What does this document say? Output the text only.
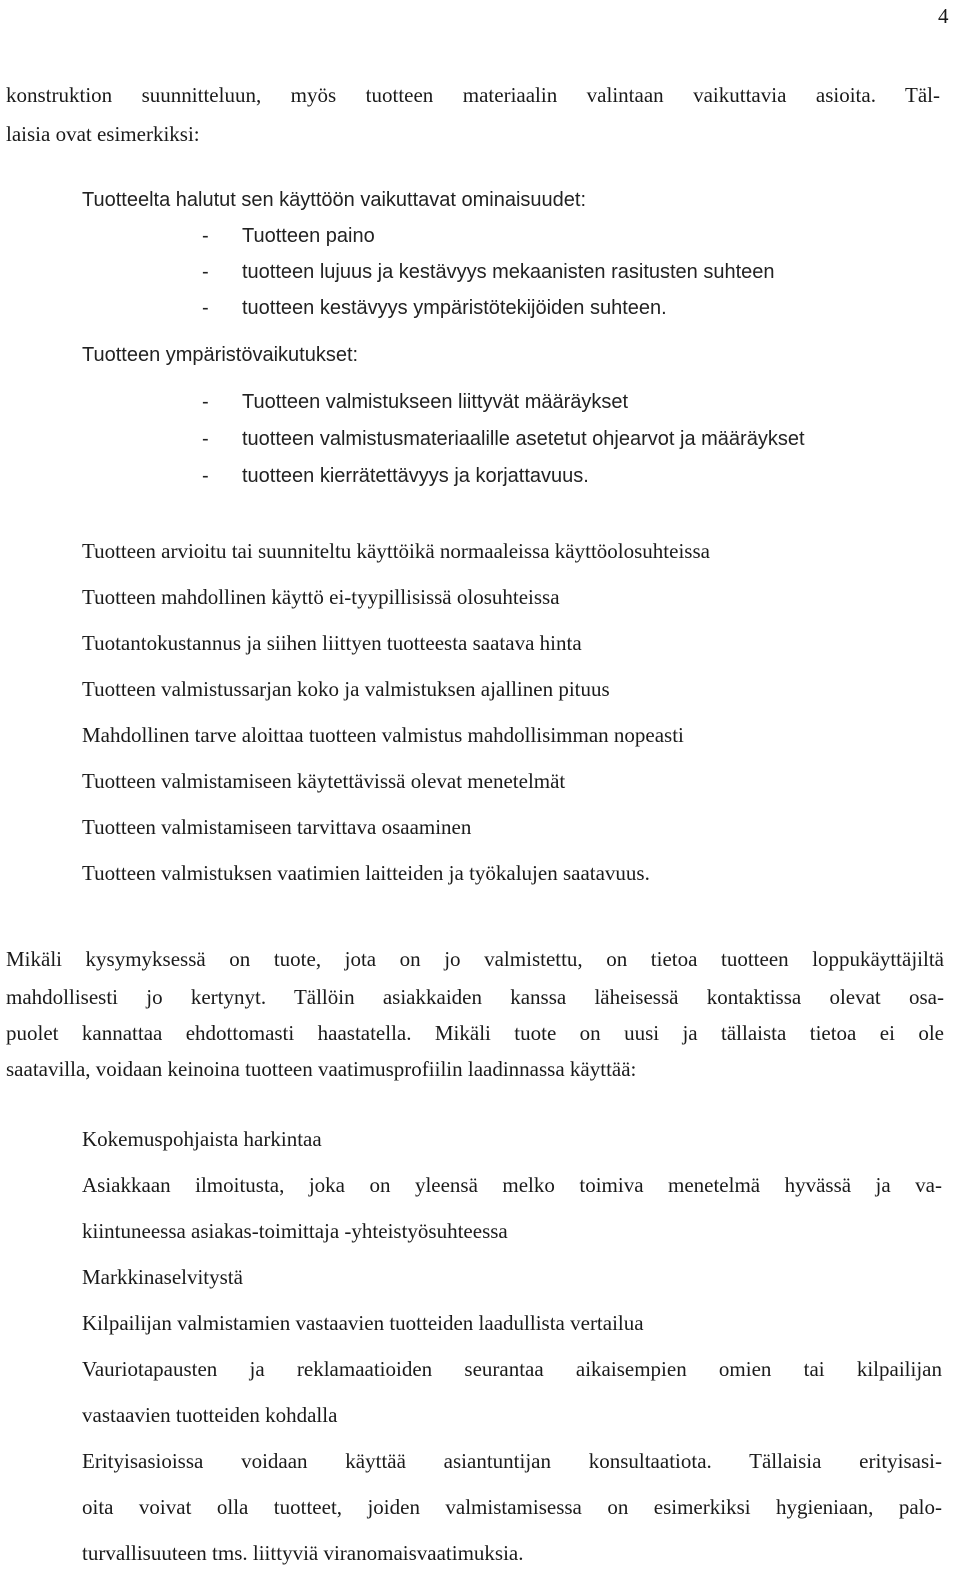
4
konstruktion suunnitteluun, myös tuotteen materiaalin valintaan vaikuttavia asioita. Täl-
laisia ovat esimerkiksi:
Tuotteelta halutut sen käyttöön vaikuttavat ominaisuudet:
- Tuotteen paino
- tuotteen lujuus ja kestävyys mekaanisten rasitusten suhteen
- tuotteen kestävyys ympäristötekijöiden suhteen.
Tuotteen ympäristövaikutukset:
- Tuotteen valmistukseen liittyvät määräykset
- tuotteen valmistusmateriaalille asetetut ohjearvot ja määräykset
- tuotteen kierrätettävyys ja korjattavuus.
Tuotteen arvioitu tai suunniteltu käyttöikä normaaleissa käyttöolosuhteissa
Tuotteen mahdollinen käyttö ei-tyypillisissä olosuhteissa
Tuotantokustannus ja siihen liittyen tuotteesta saatava hinta
Tuotteen valmistussarjan koko ja valmistuksen ajallinen pituus
Mahdollinen tarve aloittaa tuotteen valmistus mahdollisimman nopeasti
Tuotteen valmistamiseen käytettävissä olevat menetelmät
Tuotteen valmistamiseen tarvittava osaaminen
Tuotteen valmistuksen vaatimien laitteiden ja työkalujen saatavuus.
Mikäli kysymyksessä on tuote, jota on jo valmistettu, on tietoa tuotteen loppukäyttäjiltä
mahdollisesti jo kertynyt. Tällöin asiakkaiden kanssa läheisessä kontaktissa olevat osa-
puolet kannattaa ehdottomasti haastatella. Mikäli tuote on uusi ja tällaista tietoa ei ole
saatavilla, voidaan keinoina tuotteen vaatimusprofiilin laadinnassa käyttää:
Kokemuspohjaista harkintaa
Asiakkaan ilmoitusta, joka on yleensä melko toimiva menetelmä hyvässä ja va-
kiintuneessa asiakas-toimittaja -yhteistyösuhteessa
Markkinaselvitystä
Kilpailijan valmistamien vastaavien tuotteiden laadullista vertailua
Vauriotapausten ja reklamaatioiden seurantaa aikaisempien omien tai kilpailijan
vastaavien tuotteiden kohdalla
Erityisasioissa voidaan käyttää asiantuntijan konsultaatiota. Tällaisia erityisasi-
oita voivat olla tuotteet, joiden valmistamisessa on esimerkiksi hygieniaan, palo-
turvallisuuteen tms. liittyviä viranomaisvaatimuksia.
